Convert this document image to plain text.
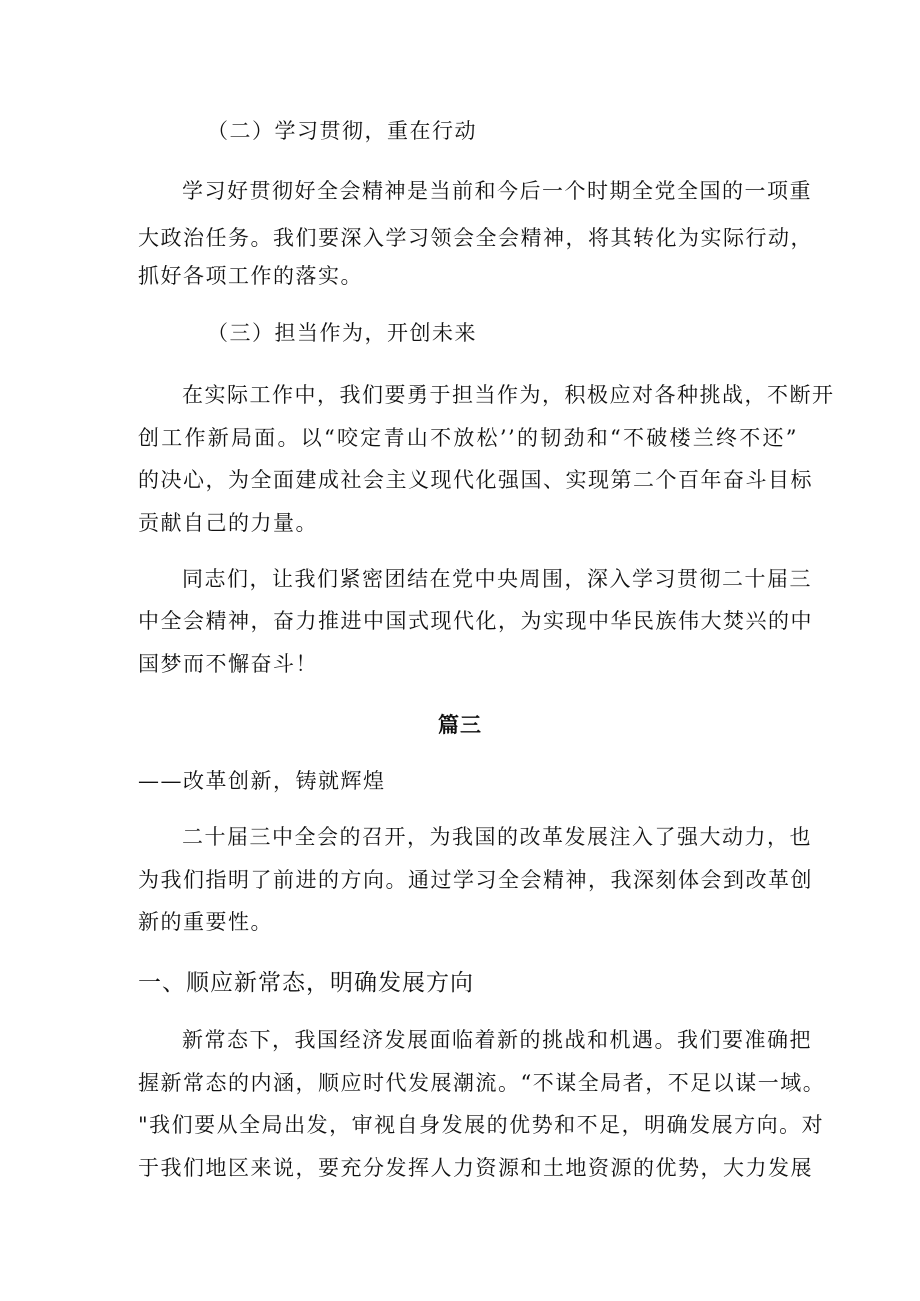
（二）学习贯彻，重在行动
学习好贯彻好全会精神是当前和今后一个时期全党全国的一项重
大政治任务。我们要深入学习领会全会精神，将其转化为实际行动，
抓好各项工作的落实。
（三）担当作为，开创未来
在实际工作中，我们要勇于担当作为，积极应对各种挑战，不断开
创工作新局面。以“咬定青山不放松’’的韧劲和“不破楼兰终不还”
的决心，为全面建成社会主义现代化强国、实现第二个百年奋斗目标
贡献自己的力量。
同志们，让我们紧密团结在党中央周围，深入学习贯彻二十届三
中全会精神，奋力推进中国式现代化，为实现中华民族伟大焚兴的中
国梦而不懈奋斗！
篇三
——改革创新，铸就辉煌
二十届三中全会的召开，为我国的改革发展注入了强大动力，也
为我们指明了前进的方向。通过学习全会精神，我深刻体会到改革创
新的重要性。
一、顺应新常态，明确发展方向
新常态下，我国经济发展面临着新的挑战和机遇。我们要准确把
握新常态的内涵，顺应时代发展潮流。“不谋全局者，不足以谋一域。
"我们要从全局出发，审视自身发展的优势和不足，明确发展方向。对
于我们地区来说，要充分发挥人力资源和土地资源的优势，大力发展
